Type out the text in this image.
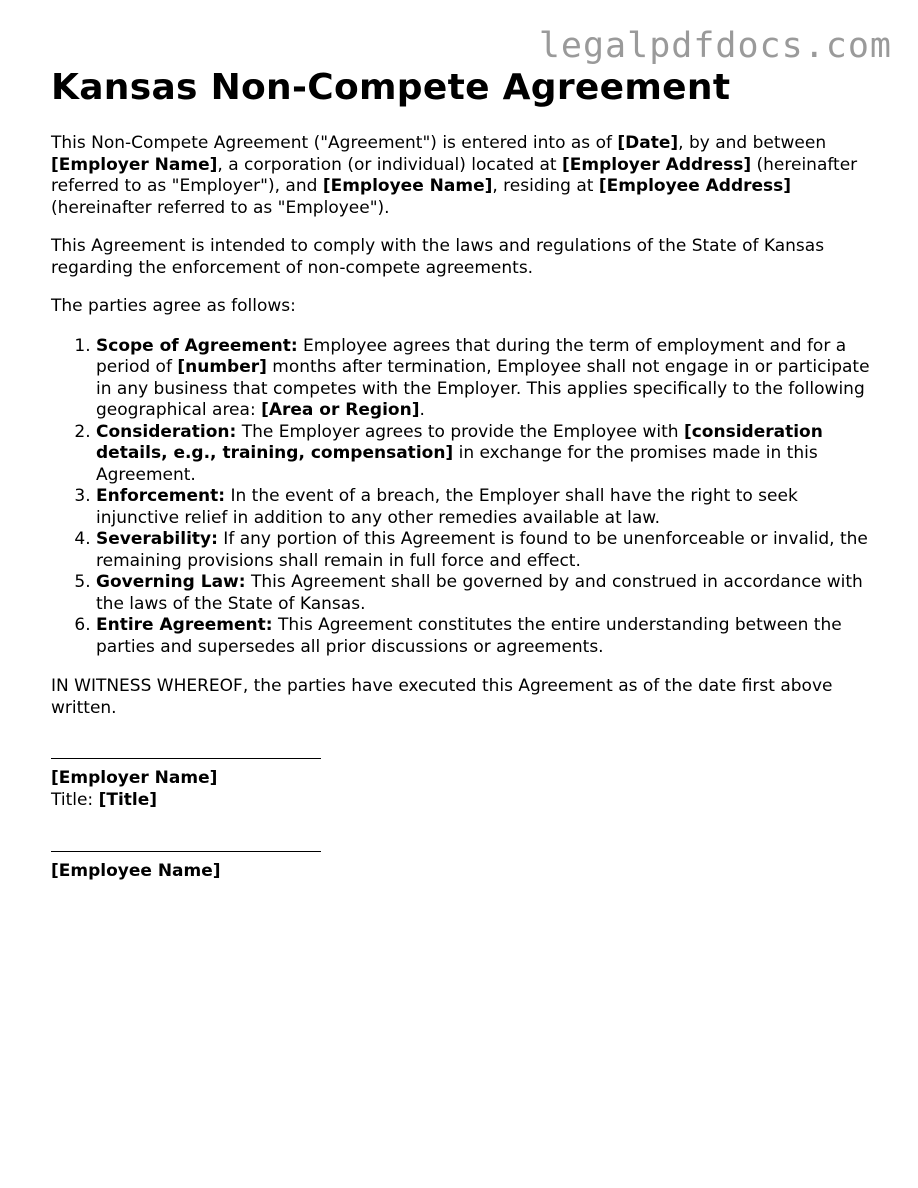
legalpdfdocs.com
Kansas Non-Compete Agreement

This Non-Compete Agreement ("Agreement") is entered into as of [Date], by and between [Employer Name], a corporation (or individual) located at [Employer Address] (hereinafter referred to as "Employer"), and [Employee Name], residing at [Employee Address] (hereinafter referred to as "Employee").

This Agreement is intended to comply with the laws and regulations of the State of Kansas regarding the enforcement of non-compete agreements.

The parties agree as follows:

1. Scope of Agreement: Employee agrees that during the term of employment and for a period of [number] months after termination, Employee shall not engage in or participate in any business that competes with the Employer. This applies specifically to the following geographical area: [Area or Region].
2. Consideration: The Employer agrees to provide the Employee with [consideration details, e.g., training, compensation] in exchange for the promises made in this Agreement.
3. Enforcement: In the event of a breach, the Employer shall have the right to seek injunctive relief in addition to any other remedies available at law.
4. Severability: If any portion of this Agreement is found to be unenforceable or invalid, the remaining provisions shall remain in full force and effect.
5. Governing Law: This Agreement shall be governed by and construed in accordance with the laws of the State of Kansas.
6. Entire Agreement: This Agreement constitutes the entire understanding between the parties and supersedes all prior discussions or agreements.

IN WITNESS WHEREOF, the parties have executed this Agreement as of the date first above written.

[Employer Name]
Title: [Title]
[Employee Name]
